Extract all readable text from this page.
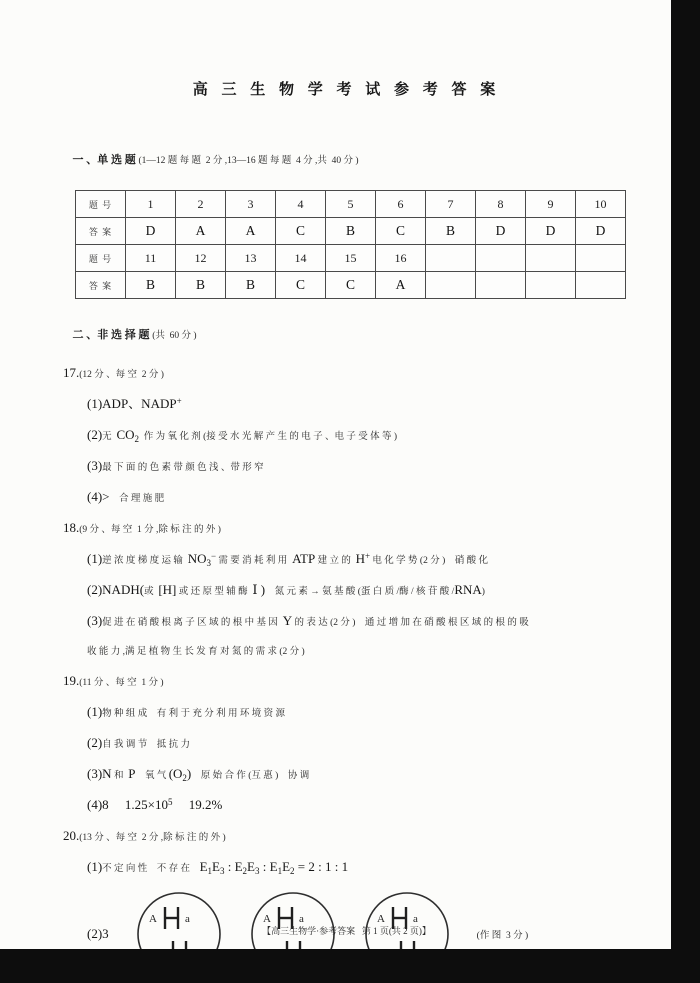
高 三 生 物 学 考 试 参 考 答 案

一 、单 选 题 (1—12 题 每 题  2 分 ,13—16 题 每 题  4 分 ,共  40 分 )

题 号	1	2	3	4	5	6	7	8	9	10
答 案	D	A	A	C	B	C	B	D	D	D
题 号	11	12	13	14	15	16				
答 案	B	B	B	C	C	A				

二 、非 选 择 题 (共  60 分 )

17.(12 分 、每 空  2 分 )
(1)ADP、NADP+
(2)无  $CO_2$  作 为 氧 化 剂 (接 受 水 光 解 产 生 的 电 子 、电 子 受 体 等 )
(3)最 下 面 的 色 素 带 颜 色 浅 、带 形 窄
(4)>    合 理 施 肥
18.(9 分 、每 空  1 分 ,除 标 注 的 外 )
(1)逆 浓 度 梯 度 运 输  $NO_3^-$ 需 要 消 耗 利 用  ATP 建 立 的  H+ 电 化 学 势 (2 分 )    硝 酸 化
(2)NADH(或  [H] 或 还 原 型 辅 酶  Ⅰ )    氮 元 素 → 氨 基 酸 (蛋 白 质 /酶 / 核 苷 酸 /RNA)
(3)促 进 在 硝 酸 根 离 子 区 域 的 根 中 基 因  Y 的 表 达 (2 分 )    通 过 增 加 在 硝 酸 根 区 域 的 根 的 吸
收 能 力 ,满 足 植 物 生 长 发 育 对 氮 的 需 求 (2 分 )
19.(11 分 、每 空  1 分 )
(1)物 种 组 成    有 利 于 充 分 利 用 环 境 资 源
(2)自 我 调 节    抵 抗 力
(3)N 和  P    氧 气 $(O_2)$    原 始 合 作 (互 惠 )    协 调
(4)8     $1.25\times 10^5$     19.2%
20.(13 分 、每 空  2 分 ,除 标 注 的 外 )
(1)不 定 向 性    不 存 在    $E_1E_3$ : $E_2E_3$ : $E_1E_2 = 2$ : 1 : 1
(2)3
A	a	A	a	A	a
(作 图  3 分 )
【高三生物学·参考答案   第 1 页(共 2 页)】
